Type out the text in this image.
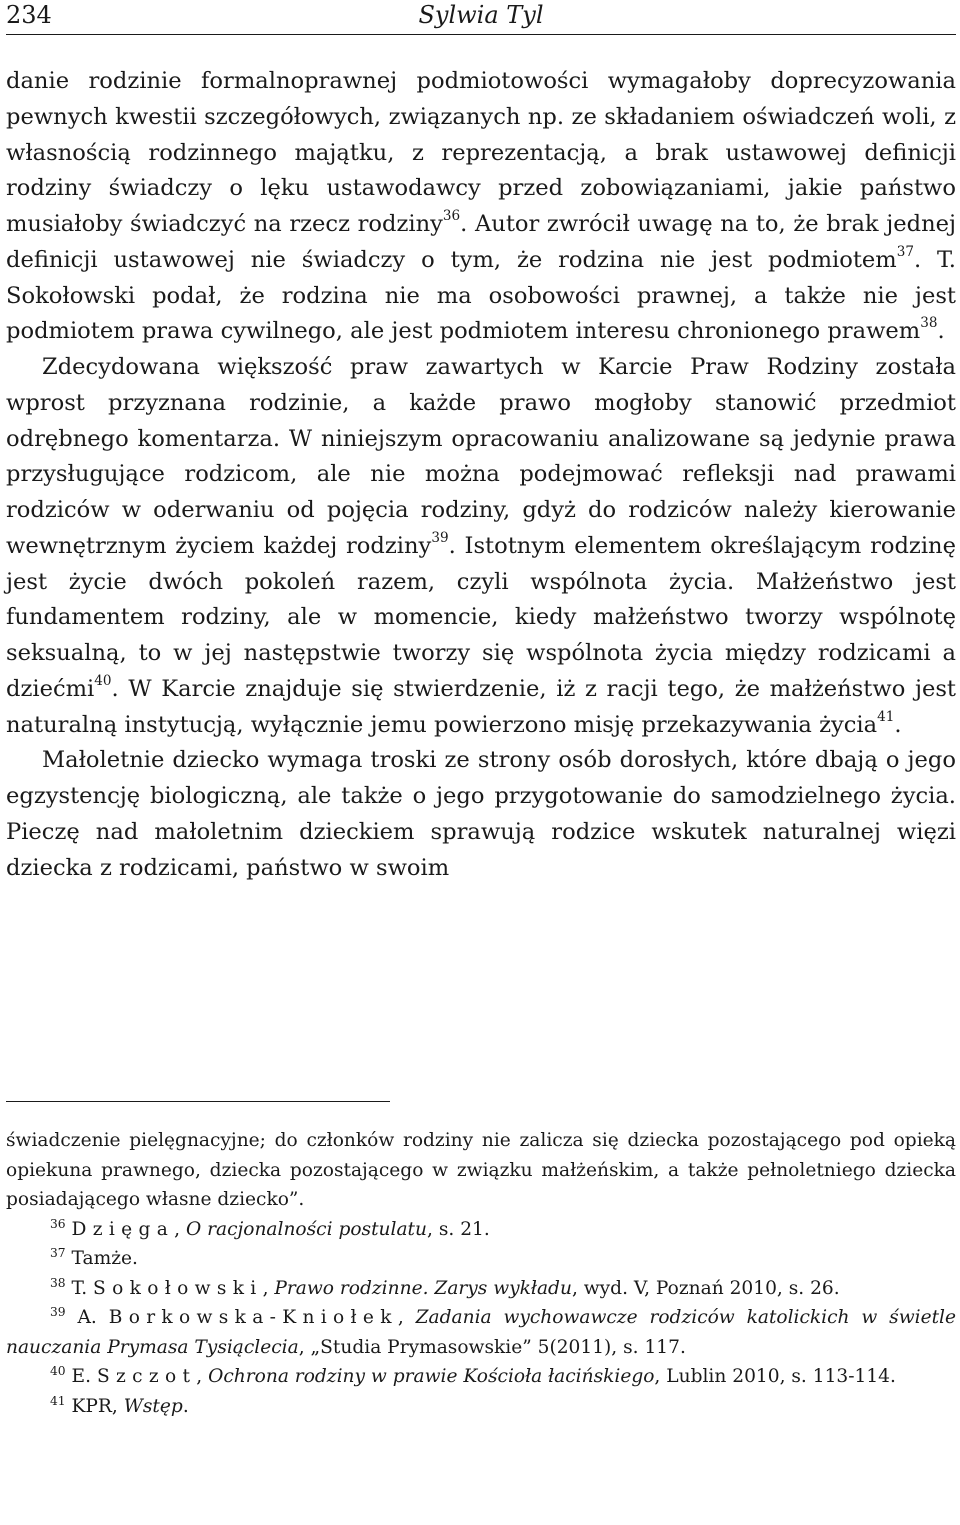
234	Sylwia Tyl

danie rodzinie formalnoprawnej podmiotowości wymagałoby doprecyzowania pewnych kwestii szczegółowych, związanych np. ze składaniem oświadczeń woli, z własnością rodzinnego majątku, z reprezentacją, a brak ustawowej definicji rodziny świadczy o lęku ustawodawcy przed zobowiązaniami, jakie państwo musiałoby świadczyć na rzecz rodziny$^{36}$. Autor zwrócił uwagę na to, że brak jednej definicji ustawowej nie świadczy o tym, że rodzina nie jest podmiotem$^{37}$. T. Sokołowski podał, że rodzina nie ma osobowości prawnej, a także nie jest podmiotem prawa cywilnego, ale jest podmiotem interesu chronionego prawem$^{38}$.

Zdecydowana większość praw zawartych w Karcie Praw Rodziny została wprost przyznana rodzinie, a każde prawo mogłoby stanowić przedmiot odrębnego komentarza. W niniejszym opracowaniu analizowane są jedynie prawa przysługujące rodzicom, ale nie można podejmować refleksji nad prawami rodziców w oderwaniu od pojęcia rodziny, gdyż do rodziców należy kierowanie wewnętrznym życiem każdej rodziny$^{39}$. Istotnym elementem określającym rodzinę jest życie dwóch pokoleń razem, czyli wspólnota życia. Małżeństwo jest fundamentem rodziny, ale w momencie, kiedy małżeństwo tworzy wspólnotę seksualną, to w jej następstwie tworzy się wspólnota życia między rodzicami a dziećmi$^{40}$. W Karcie znajduje się stwierdzenie, iż z racji tego, że małżeństwo jest naturalną instytucją, wyłącznie jemu powierzono misję przekazywania życia$^{41}$.

Małoletnie dziecko wymaga troski ze strony osób dorosłych, które dbają o jego egzystencję biologiczną, ale także o jego przygotowanie do samodzielnego życia. Pieczę nad małoletnim dzieckiem sprawują rodzice wskutek naturalnej więzi dziecka z rodzicami, państwo w swoim

świadczenie pielęgnacyjne; do członków rodziny nie zalicza się dziecka pozostającego pod opieką opiekuna prawnego, dziecka pozostającego w związku małżeńskim, a także pełnoletniego dziecka posiadającego własne dziecko”.

$^{36}$ Dzięga, O racjonalności postulatu, s. 21.

$^{37}$ Tamże.

$^{38}$ T. Sokołowski, Prawo rodzinne. Zarys wykładu, wyd. V, Poznań 2010, s. 26.

$^{39}$ A. Borkowska-Kniołek, Zadania wychowawcze rodziców katolickich w świetle nauczania Prymasa Tysiąclecia, „Studia Prymasowskie” 5(2011), s. 117.

$^{40}$ E. Szczot, Ochrona rodziny w prawie Kościoła łacińskiego, Lublin 2010, s. 113-114.

$^{41}$ KPR, Wstęp.
